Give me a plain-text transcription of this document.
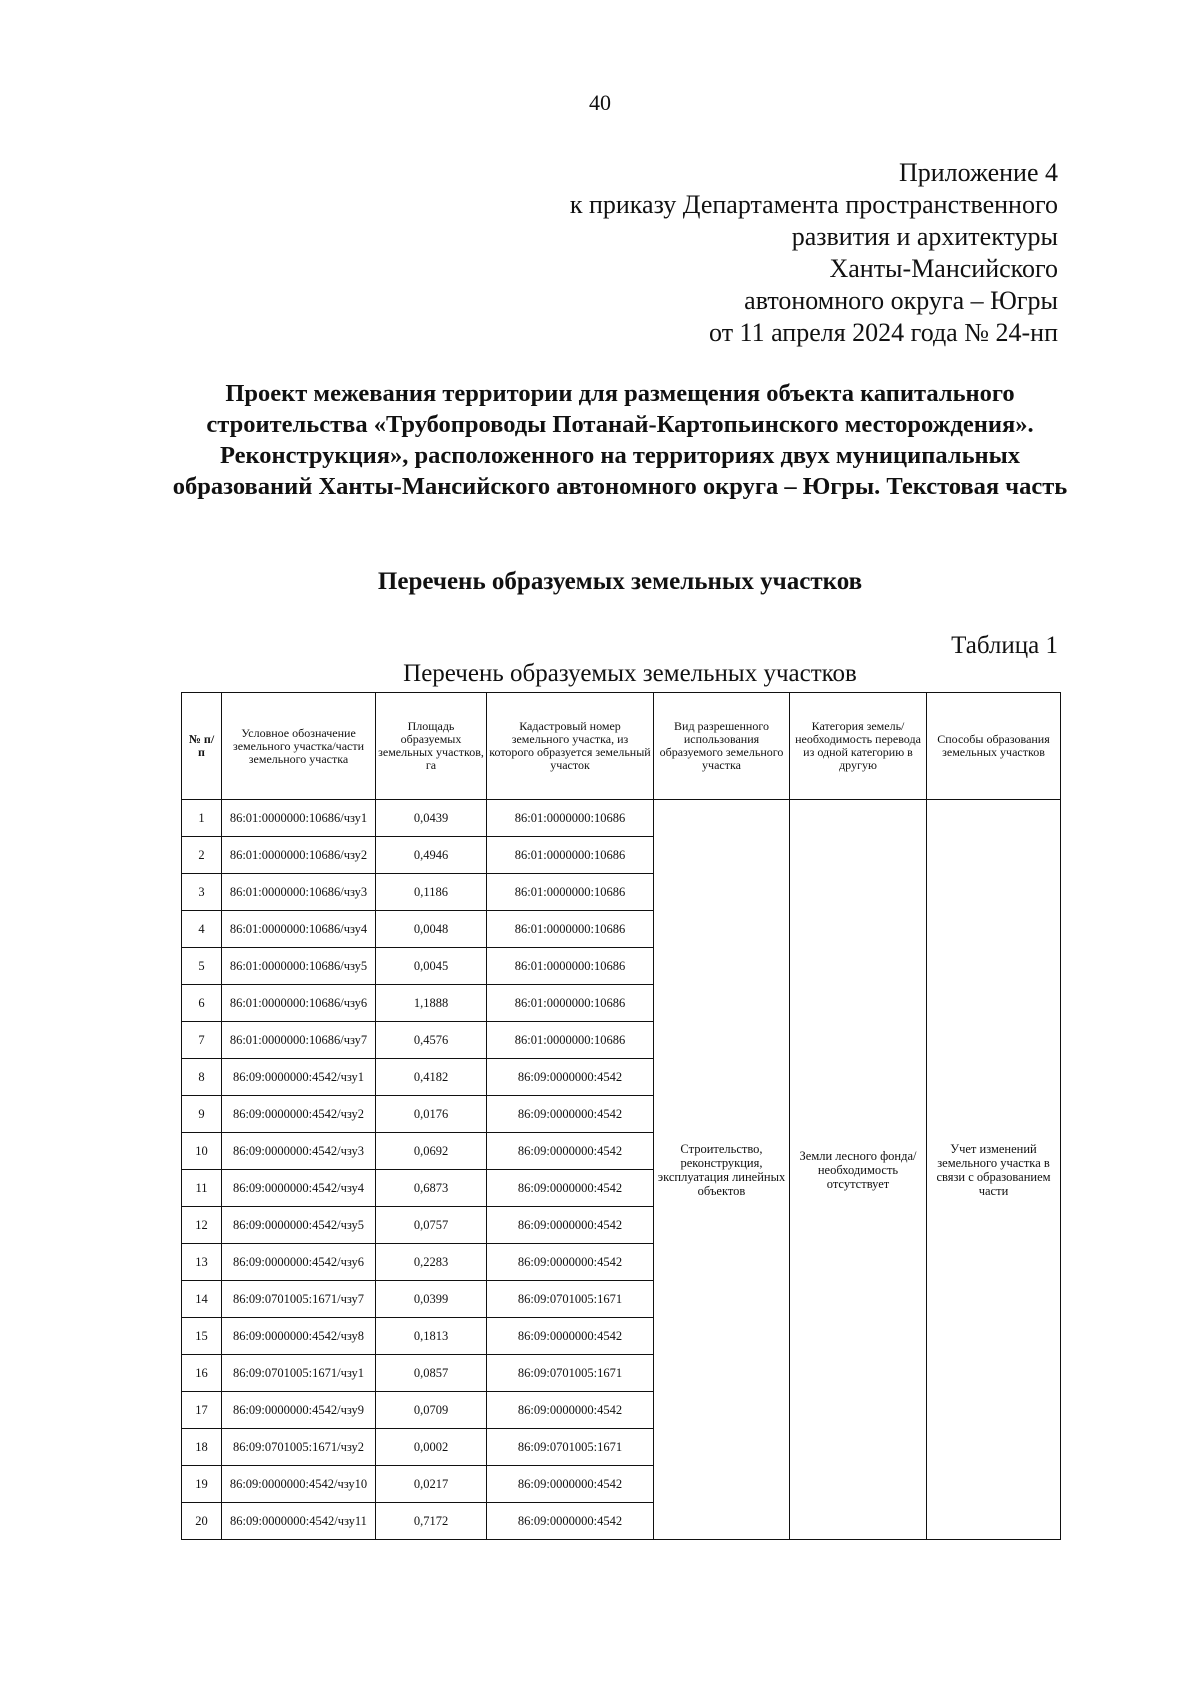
40
Приложение 4
к приказу Департамента пространственного
развития и архитектуры
Ханты-Мансийского
автономного округа – Югры
от 11 апреля 2024 года № 24-нп
Проект межевания территории для размещения объекта капитального строительства «Трубопроводы Потанай-Картопьинского месторождения». Реконструкция», расположенного на территориях двух муниципальных образований Ханты-Мансийского автономного округа – Югры. Текстовая часть
Перечень образуемых земельных участков
Таблица 1
Перечень образуемых земельных участков
№ п/ п	Условное обозначение земельного участка/части земельного участка	Площадь образуемых земельных участков, га	Кадастровый номер земельного участка, из которого образуется земельный участок	Вид разрешенного использования образуемого земельного участка	Категория земель/необходимость перевода из одной категорию в другую	Способы образования земельных участков
1	86:01:0000000:10686/чзу1	0,0439	86:01:0000000:10686	Строительство, реконструкция, эксплуатация линейных объектов	Земли лесного фонда/ необходимость отсутствует	Учет изменений земельного участка в связи с образованием части
2	86:01:0000000:10686/чзу2	0,4946	86:01:0000000:10686			
3	86:01:0000000:10686/чзу3	0,1186	86:01:0000000:10686			
4	86:01:0000000:10686/чзу4	0,0048	86:01:0000000:10686			
5	86:01:0000000:10686/чзу5	0,0045	86:01:0000000:10686			
6	86:01:0000000:10686/чзу6	1,1888	86:01:0000000:10686			
7	86:01:0000000:10686/чзу7	0,4576	86:01:0000000:10686			
8	86:09:0000000:4542/чзу1	0,4182	86:09:0000000:4542			
9	86:09:0000000:4542/чзу2	0,0176	86:09:0000000:4542			
10	86:09:0000000:4542/чзу3	0,0692	86:09:0000000:4542			
11	86:09:0000000:4542/чзу4	0,6873	86:09:0000000:4542			
12	86:09:0000000:4542/чзу5	0,0757	86:09:0000000:4542			
13	86:09:0000000:4542/чзу6	0,2283	86:09:0000000:4542			
14	86:09:0701005:1671/чзу7	0,0399	86:09:0701005:1671			
15	86:09:0000000:4542/чзу8	0,1813	86:09:0000000:4542			
16	86:09:0701005:1671/чзу1	0,0857	86:09:0701005:1671			
17	86:09:0000000:4542/чзу9	0,0709	86:09:0000000:4542			
18	86:09:0701005:1671/чзу2	0,0002	86:09:0701005:1671			
19	86:09:0000000:4542/чзу10	0,0217	86:09:0000000:4542			
20	86:09:0000000:4542/чзу11	0,7172	86:09:0000000:4542			
